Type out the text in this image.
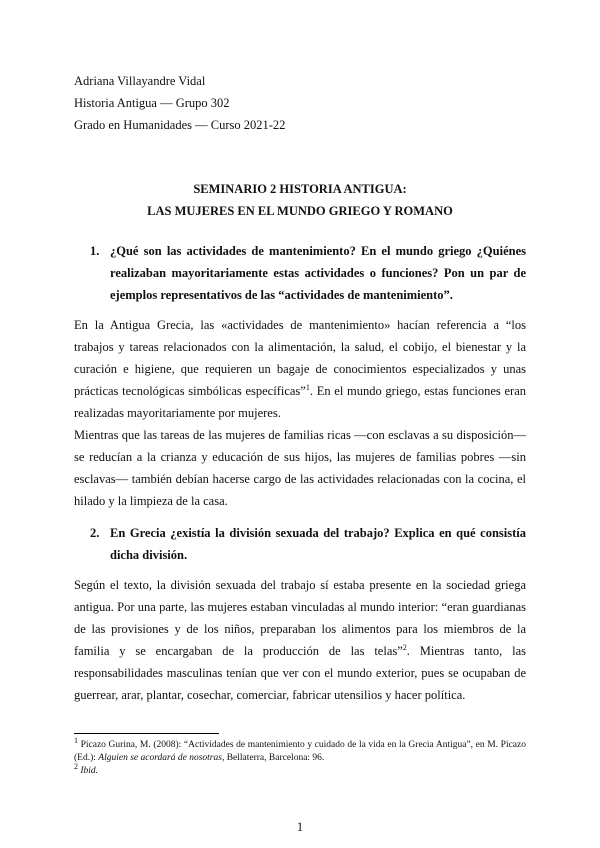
Adriana Villayandre Vidal
Historia Antigua — Grupo 302
Grado en Humanidades — Curso 2021-22
SEMINARIO 2 HISTORIA ANTIGUA:
LAS MUJERES EN EL MUNDO GRIEGO Y ROMANO
1. ¿Qué son las actividades de mantenimiento? En el mundo griego ¿Quiénes realizaban mayoritariamente estas actividades o funciones? Pon un par de ejemplos representativos de las “actividades de mantenimiento”.

En la Antigua Grecia, las «actividades de mantenimiento» hacían referencia a “los trabajos y tareas relacionados con la alimentación, la salud, el cobijo, el bienestar y la curación e higiene, que requieren un bagaje de conocimientos especializados y unas prácticas tecnológicas simbólicas específicas”$^1$. En el mundo griego, estas funciones eran realizadas mayoritariamente por mujeres.

Mientras que las tareas de las mujeres de familias ricas —con esclavas a su disposición— se reducían a la crianza y educación de sus hijos, las mujeres de familias pobres —sin esclavas— también debían hacerse cargo de las actividades relacionadas con la cocina, el hilado y la limpieza de la casa.

2. En Grecia ¿existía la división sexuada del trabajo? Explica en qué consistía dicha división.

Según el texto, la división sexuada del trabajo sí estaba presente en la sociedad griega antigua. Por una parte, las mujeres estaban vinculadas al mundo interior: “eran guardianas de las provisiones y de los niños, preparaban los alimentos para los miembros de la familia y se encargaban de la producción de las telas”$^2$. Mientras tanto, las responsabilidades masculinas tenían que ver con el mundo exterior, pues se ocupaban de guerrear, arar, plantar, cosechar, comerciar, fabricar utensilios y hacer política.

$^1$ Picazo Gurina, M. (2008): “Actividades de mantenimiento y cuidado de la vida en la Grecia Antigua”, en M. Picazo (Ed.): Alguien se acordará de nosotras, Bellaterra, Barcelona: 96.

$^2$ Ibid.

1
